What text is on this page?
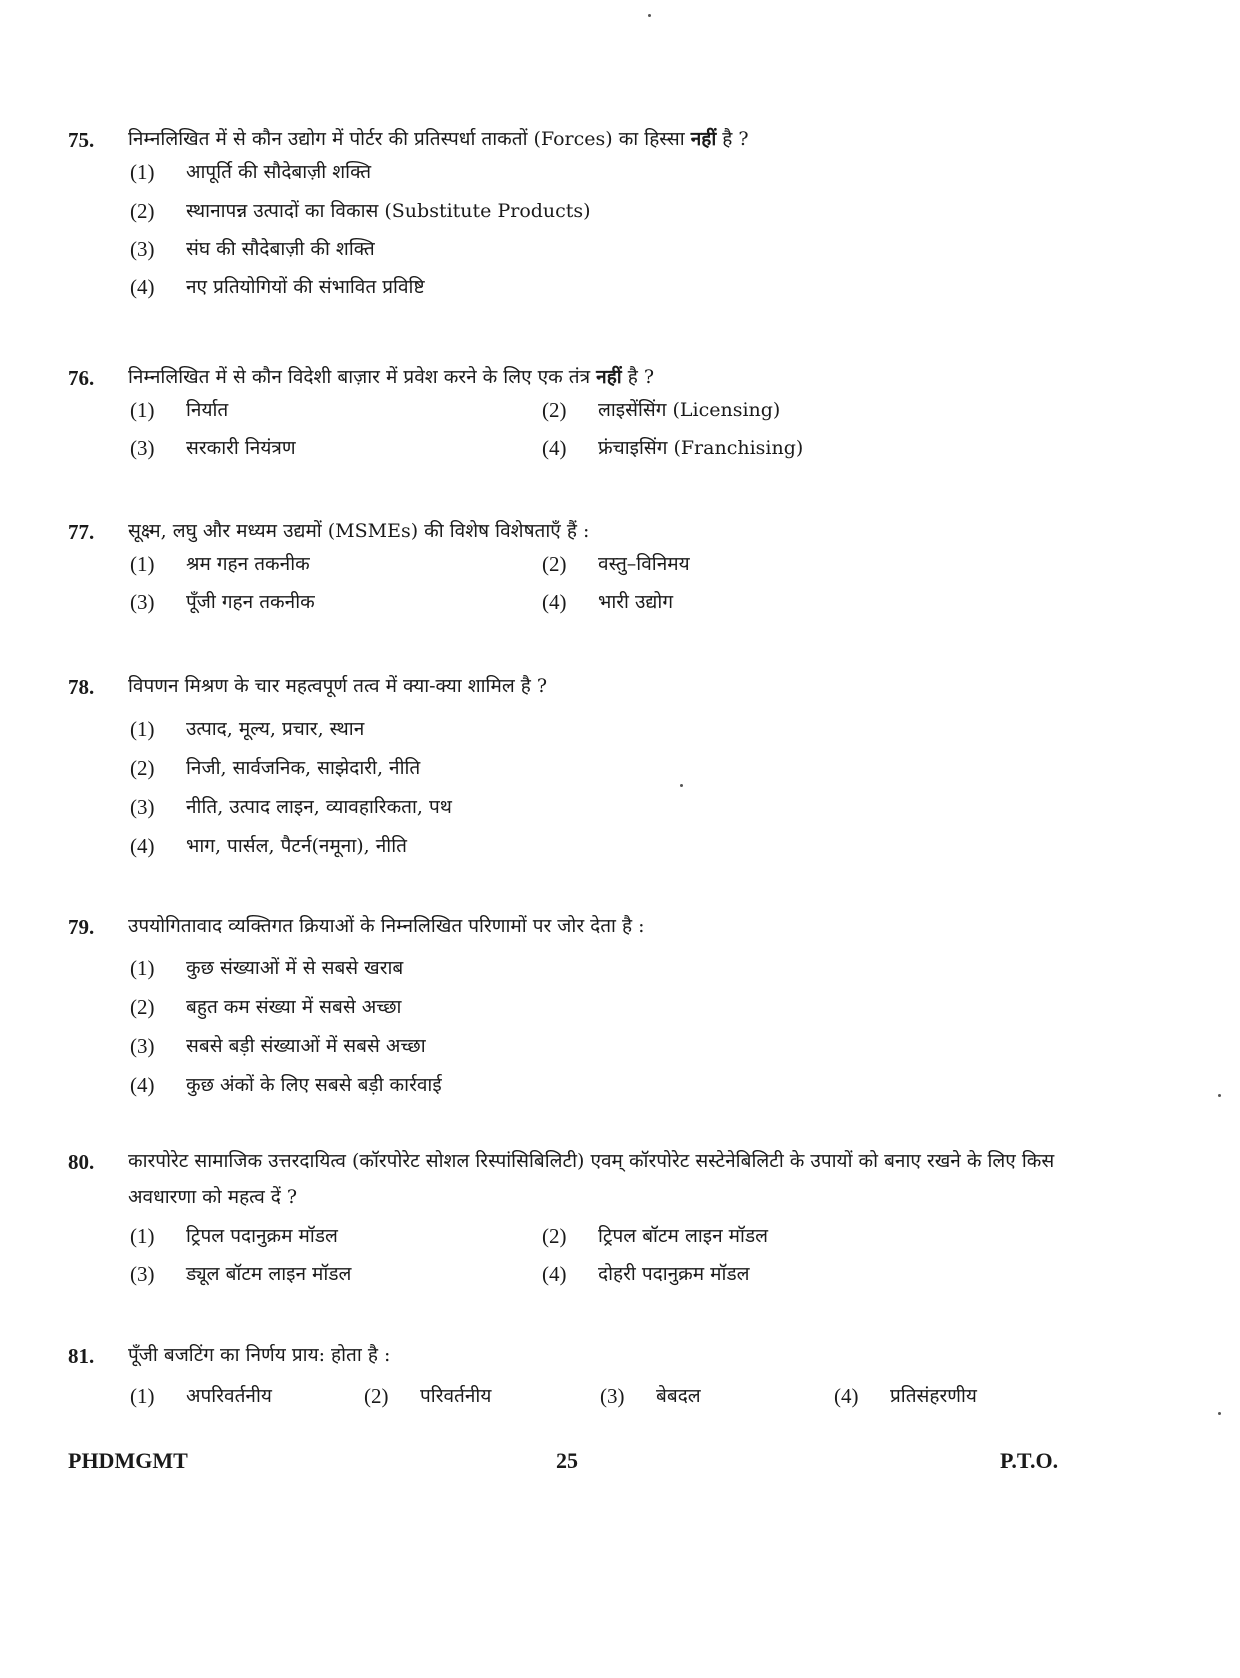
75. निम्नलिखित में से कौन उद्योग में पोर्टर की प्रतिस्पर्धा ताकतों (Forces) का हिस्सा नहीं है ?
(1) आपूर्ति की सौदेबाज़ी शक्ति
(2) स्थानापन्न उत्पादों का विकास (Substitute Products)
(3) संघ की सौदेबाज़ी की शक्ति
(4) नए प्रतियोगियों की संभावित प्रविष्टि
76. निम्नलिखित में से कौन विदेशी बाज़ार में प्रवेश करने के लिए एक तंत्र नहीं है ?
(1) निर्यात	(2) लाइसेंसिंग (Licensing)
(3) सरकारी नियंत्रण	(4) फ्रंचाइसिंग (Franchising)
77. सूक्ष्म, लघु और मध्यम उद्यमों (MSMEs) की विशेष विशेषताएँ हैं :
(1) श्रम गहन तकनीक	(2) वस्तु–विनिमय
(3) पूँजी गहन तकनीक	(4) भारी उद्योग
78. विपणन मिश्रण के चार महत्वपूर्ण तत्व में क्या-क्या शामिल है ?
(1) उत्पाद, मूल्य, प्रचार, स्थान
(2) निजी, सार्वजनिक, साझेदारी, नीति
(3) नीति, उत्पाद लाइन, व्यावहारिकता, पथ
(4) भाग, पार्सल, पैटर्न(नमूना), नीति
79. उपयोगितावाद व्यक्तिगत क्रियाओं के निम्नलिखित परिणामों पर जोर देता है :
(1) कुछ संख्याओं में से सबसे खराब
(2) बहुत कम संख्या में सबसे अच्छा
(3) सबसे बड़ी संख्याओं में सबसे अच्छा
(4) कुछ अंकों के लिए सबसे बड़ी कार्रवाई
80. कारपोरेट सामाजिक उत्तरदायित्व (कॉरपोरेट सोशल रिस्पांसिबिलिटी) एवम् कॉरपोरेट सस्टेनेबिलिटी के उपायों को बनाए रखने के लिए किस अवधारणा को महत्व दें ?
(1) ट्रिपल पदानुक्रम मॉडल	(2) ट्रिपल बॉटम लाइन मॉडल
(3) ड्यूल बॉटम लाइन मॉडल	(4) दोहरी पदानुक्रम मॉडल
81. पूँजी बजटिंग का निर्णय प्राय: होता है :
(1) अपरिवर्तनीय	(2) परिवर्तनीय	(3) बेबदल	(4) प्रतिसंहरणीय
PHDMGMT	25	P.T.O.
